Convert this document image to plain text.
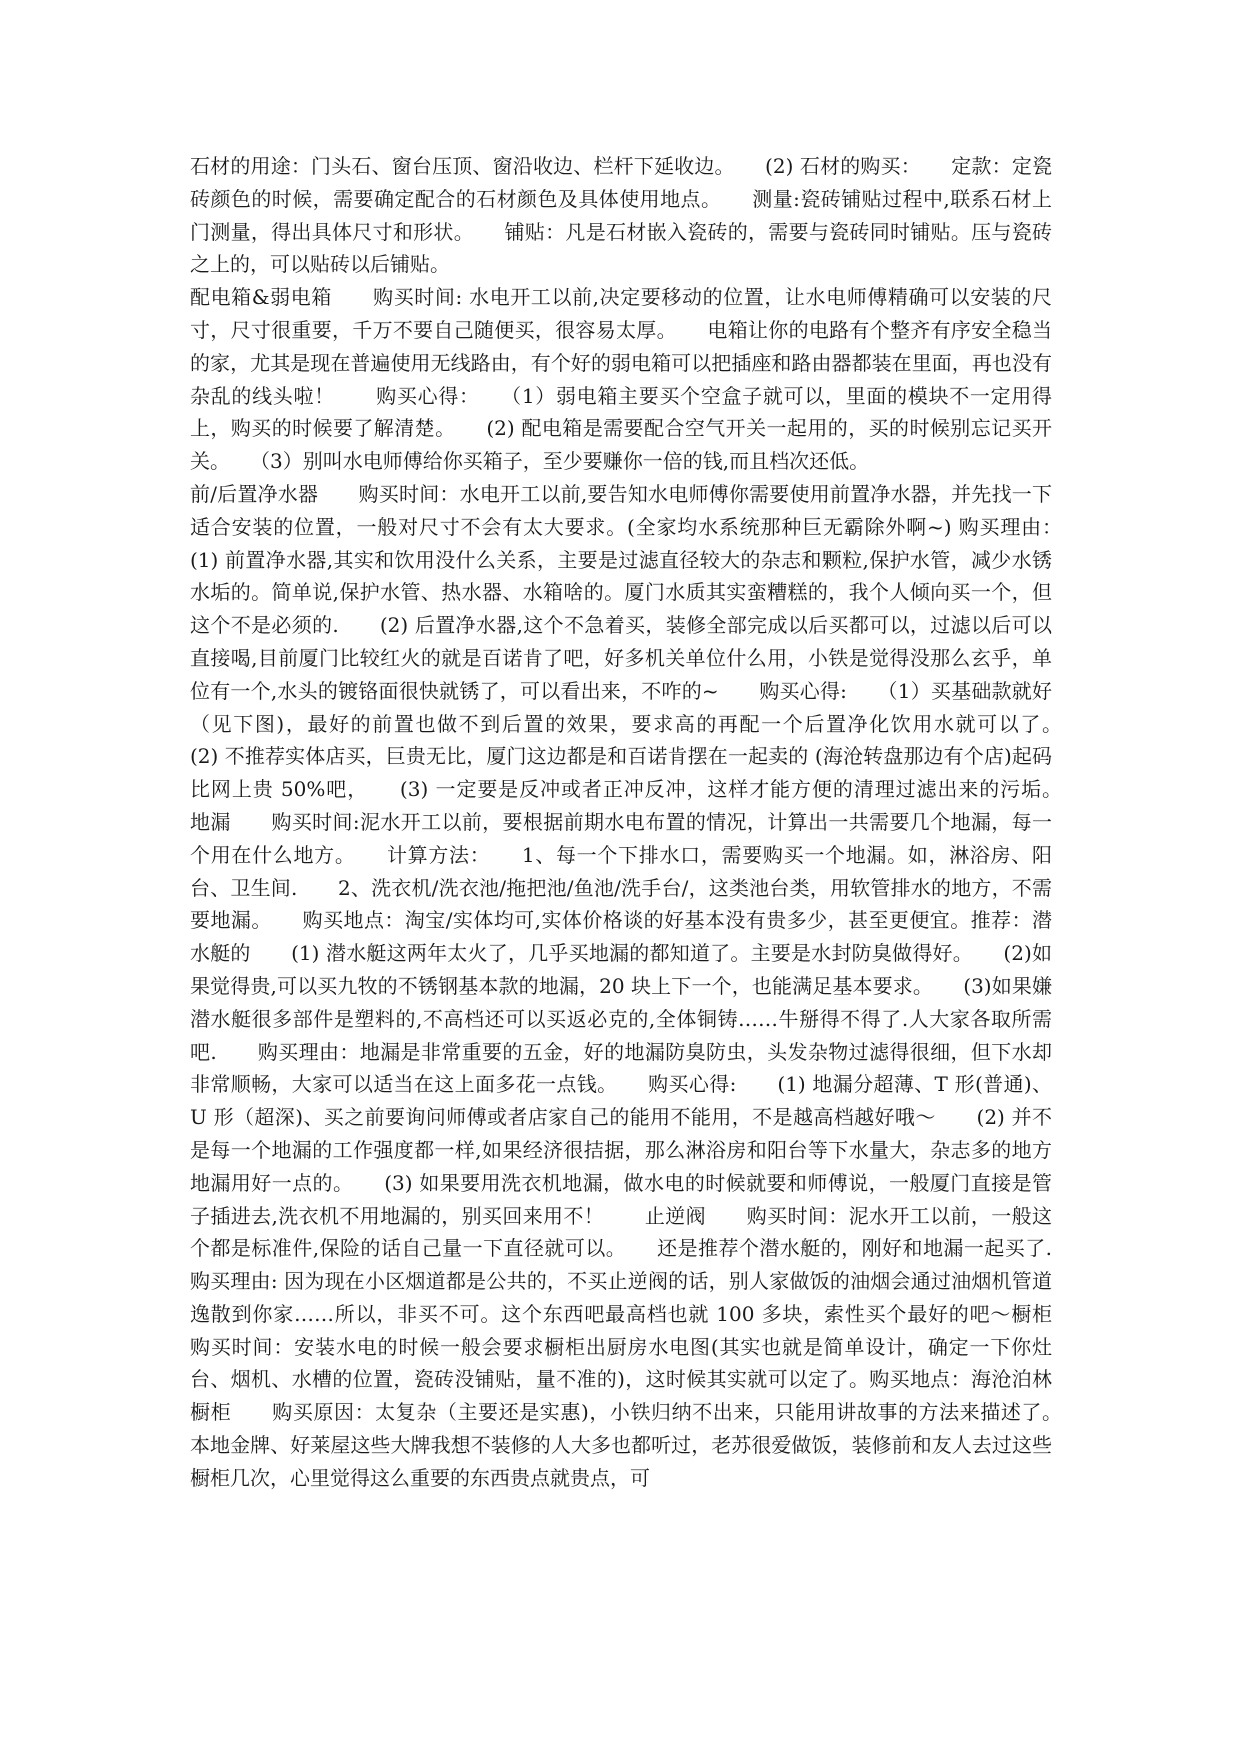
石材的用途：门头石、窗台压顶、窗沿收边、栏杆下延收边。　　(2) 石材的购买：　　定款：定瓷砖颜色的时候，需要确定配合的石材颜色及具体使用地点。　　测量:瓷砖铺贴过程中,联系石材上门测量，得出具体尺寸和形状。　　铺贴：凡是石材嵌入瓷砖的，需要与瓷砖同时铺贴。压与瓷砖之上的，可以贴砖以后铺贴。

配电箱&弱电箱　　购买时间: 水电开工以前,决定要移动的位置，让水电师傅精确可以安装的尺寸，尺寸很重要，千万不要自己随便买，很容易太厚。　　电箱让你的电路有个整齐有序安全稳当的家，尤其是现在普遍使用无线路由，有个好的弱电箱可以把插座和路由器都装在里面，再也没有杂乱的线头啦！　　购买心得：　　（1）弱电箱主要买个空盒子就可以，里面的模块不一定用得上，购买的时候要了解清楚。　　(2) 配电箱是需要配合空气开关一起用的，买的时候别忘记买开关。　　（3）别叫水电师傅给你买箱子，至少要赚你一倍的钱,而且档次还低。

前/后置净水器　　购买时间：水电开工以前,要告知水电师傅你需要使用前置净水器，并先找一下适合安装的位置，一般对尺寸不会有太大要求。(全家均水系统那种巨无霸除外啊~) 购买理由：　　(1) 前置净水器,其实和饮用没什么关系，主要是过滤直径较大的杂志和颗粒,保护水管，减少水锈水垢的。简单说,保护水管、热水器、水箱啥的。厦门水质其实蛮糟糕的，我个人倾向买一个，但这个不是必须的.　　(2) 后置净水器,这个不急着买，装修全部完成以后买都可以，过滤以后可以直接喝,目前厦门比较红火的就是百诺肯了吧，好多机关单位什么用，小铁是觉得没那么玄乎，单位有一个,水头的镀铬面很快就锈了，可以看出来，不咋的~　　购买心得:　　（1）买基础款就好（见下图)，最好的前置也做不到后置的效果，要求高的再配一个后置净化饮用水就可以了。　　(2) 不推荐实体店买，巨贵无比，厦门这边都是和百诺肯摆在一起卖的 (海沧转盘那边有个店)起码比网上贵 50%吧，　　(3) 一定要是反冲或者正冲反冲，这样才能方便的清理过滤出来的污垢。　　地漏　　购买时间:泥水开工以前，要根据前期水电布置的情况，计算出一共需要几个地漏，每一个用在什么地方。　　计算方法：　　1、每一个下排水口，需要购买一个地漏。如，淋浴房、阳台、卫生间.　　2、洗衣机/洗衣池/拖把池/鱼池/洗手台/，这类池台类，用软管排水的地方，不需要地漏。　　购买地点：淘宝/实体均可,实体价格谈的好基本没有贵多少，甚至更便宜。推荐：潜水艇的　　(1) 潜水艇这两年太火了，几乎买地漏的都知道了。主要是水封防臭做得好。　　(2)如果觉得贵,可以买九牧的不锈钢基本款的地漏，20 块上下一个，也能满足基本要求。　　(3)如果嫌潜水艇很多部件是塑料的,不高档还可以买返必克的,全体铜铸……牛掰得不得了.人大家各取所需吧.　　购买理由：地漏是非常重要的五金，好的地漏防臭防虫，头发杂物过滤得很细，但下水却非常顺畅，大家可以适当在这上面多花一点钱。　　购买心得:　　(1) 地漏分超薄、T 形(普通)、U 形（超深)、买之前要询问师傅或者店家自己的能用不能用，不是越高档越好哦～　　(2) 并不是每一个地漏的工作强度都一样,如果经济很拮据，那么淋浴房和阳台等下水量大，杂志多的地方地漏用好一点的。　　(3) 如果要用洗衣机地漏，做水电的时候就要和师傅说，一般厦门直接是管子插进去,洗衣机不用地漏的，别买回来用不！　　止逆阀　　购买时间：泥水开工以前，一般这个都是标准件,保险的话自己量一下直径就可以。　　还是推荐个潜水艇的，刚好和地漏一起买了.　　购买理由: 因为现在小区烟道都是公共的，不买止逆阀的话，别人家做饭的油烟会通过油烟机管道逸散到你家……所以，非买不可。这个东西吧最高档也就 100 多块，索性买个最好的吧～橱柜　　购买时间：安装水电的时候一般会要求橱柜出厨房水电图(其实也就是简单设计，确定一下你灶台、烟机、水槽的位置，瓷砖没铺贴，量不准的)，这时候其实就可以定了。购买地点：海沧泊林橱柜　　购买原因：太复杂（主要还是实惠)，小铁归纳不出来，只能用讲故事的方法来描述了。　　本地金牌、好莱屋这些大牌我想不装修的人大多也都听过，老苏很爱做饭，装修前和友人去过这些橱柜几次，心里觉得这么重要的东西贵点就贵点，可
